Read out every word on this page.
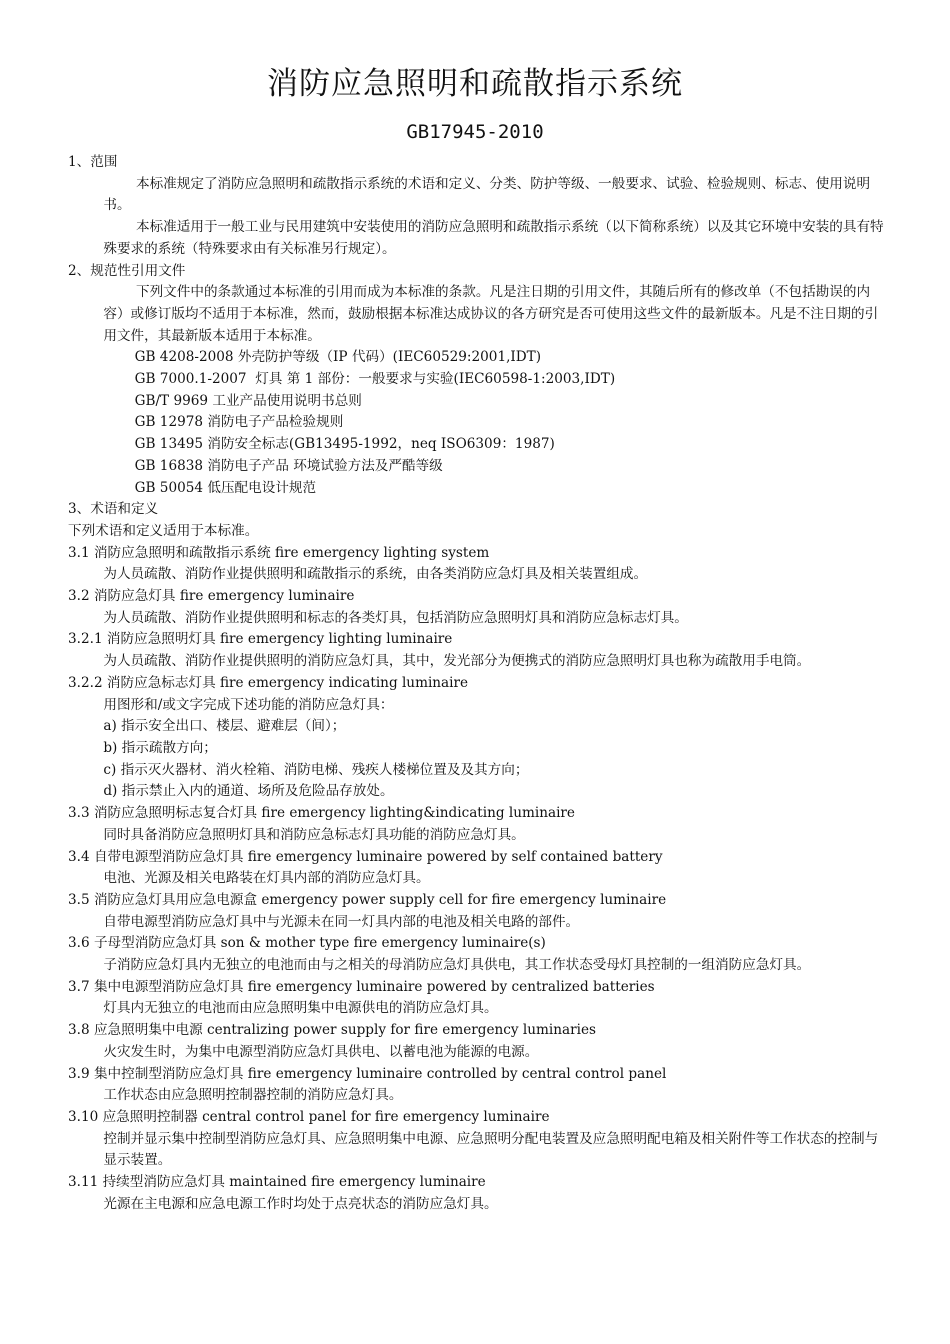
消防应急照明和疏散指示系统
GB17945-2010

1、范围

本标准规定了消防应急照明和疏散指示系统的术语和定义、分类、防护等级、一般要求、试验、检验规则、标志、使用说明书。

本标准适用于一般工业与民用建筑中安装使用的消防应急照明和疏散指示系统（以下简称系统）以及其它环境中安装的具有特殊要求的系统（特殊要求由有关标准另行规定）。

2、规范性引用文件

下列文件中的条款通过本标准的引用而成为本标准的条款。凡是注日期的引用文件，其随后所有的修改单（不包括勘误的内容）或修订版均不适用于本标准，然而，鼓励根据本标准达成协议的各方研究是否可使用这些文件的最新版本。凡是不注日期的引用文件，其最新版本适用于本标准。

GB 4208-2008 外壳防护等级（IP 代码）(IEC60529:2001,IDT)

GB 7000.1-2007  灯具 第 1 部份：一般要求与实验(IEC60598-1:2003,IDT)

GB/T 9969 工业产品使用说明书总则

GB 12978 消防电子产品检验规则

GB 13495 消防安全标志(GB13495-1992，neq ISO6309：1987)

GB 16838 消防电子产品 环境试验方法及严酷等级

GB 50054 低压配电设计规范

3、术语和定义

下列术语和定义适用于本标准。

3.1 消防应急照明和疏散指示系统 fire emergency lighting system

为人员疏散、消防作业提供照明和疏散指示的系统，由各类消防应急灯具及相关装置组成。

3.2 消防应急灯具 fire emergency luminaire

为人员疏散、消防作业提供照明和标志的各类灯具，包括消防应急照明灯具和消防应急标志灯具。

3.2.1 消防应急照明灯具 fire emergency lighting luminaire

为人员疏散、消防作业提供照明的消防应急灯具，其中，发光部分为便携式的消防应急照明灯具也称为疏散用手电筒。

3.2.2 消防应急标志灯具 fire emergency indicating luminaire

用图形和/或文字完成下述功能的消防应急灯具：

a) 指示安全出口、楼层、避难层（间）；

b) 指示疏散方向；

c) 指示灭火器材、消火栓箱、消防电梯、残疾人楼梯位置及及其方向；

d) 指示禁止入内的通道、场所及危险品存放处。

3.3 消防应急照明标志复合灯具 fire emergency lighting&indicating luminaire

同时具备消防应急照明灯具和消防应急标志灯具功能的消防应急灯具。

3.4 自带电源型消防应急灯具 fire emergency luminaire powered by self contained battery

电池、光源及相关电路装在灯具内部的消防应急灯具。

3.5 消防应急灯具用应急电源盒 emergency power supply cell for fire emergency luminaire

自带电源型消防应急灯具中与光源未在同一灯具内部的电池及相关电路的部件。

3.6 子母型消防应急灯具 son & mother type fire emergency luminaire(s)

子消防应急灯具内无独立的电池而由与之相关的母消防应急灯具供电，其工作状态受母灯具控制的一组消防应急灯具。

3.7 集中电源型消防应急灯具 fire emergency luminaire powered by centralized batteries

灯具内无独立的电池而由应急照明集中电源供电的消防应急灯具。

3.8 应急照明集中电源 centralizing power supply for fire emergency luminaries

火灾发生时，为集中电源型消防应急灯具供电、以蓄电池为能源的电源。

3.9 集中控制型消防应急灯具 fire emergency luminaire controlled by central control panel

工作状态由应急照明控制器控制的消防应急灯具。

3.10 应急照明控制器 central control panel for fire emergency luminaire

控制并显示集中控制型消防应急灯具、应急照明集中电源、应急照明分配电装置及应急照明配电箱及相关附件等工作状态的控制与显示装置。

3.11 持续型消防应急灯具 maintained fire emergency luminaire

光源在主电源和应急电源工作时均处于点亮状态的消防应急灯具。
